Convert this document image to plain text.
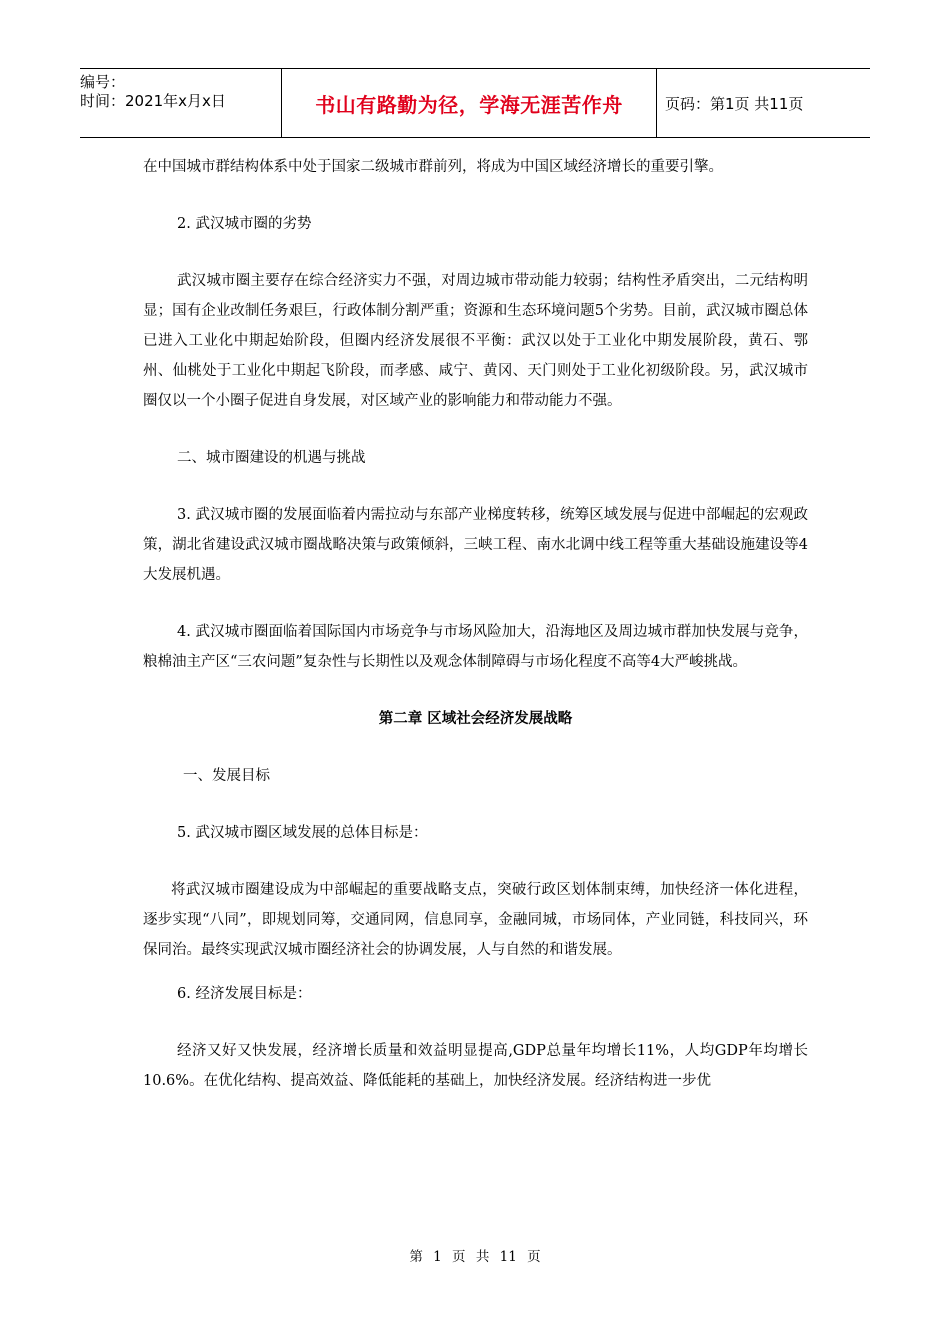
编号：
时间：2021年x月x日	书山有路勤为径，学海无涯苦作舟	页码：第1页 共11页

在中国城市群结构体系中处于国家二级城市群前列，将成为中国区域经济增长的重要引擎。

2. 武汉城市圈的劣势

武汉城市圈主要存在综合经济实力不强，对周边城市带动能力较弱；结构性矛盾突出，二元结构明显；国有企业改制任务艰巨，行政体制分割严重；资源和生态环境问题5个劣势。目前，武汉城市圈总体已进入工业化中期起始阶段，但圈内经济发展很不平衡：武汉以处于工业化中期发展阶段，黄石、鄂州、仙桃处于工业化中期起飞阶段，而孝感、咸宁、黄冈、天门则处于工业化初级阶段。另，武汉城市圈仅以一个小圈子促进自身发展，对区域产业的影响能力和带动能力不强。

二、城市圈建设的机遇与挑战

3. 武汉城市圈的发展面临着内需拉动与东部产业梯度转移，统筹区域发展与促进中部崛起的宏观政策，湖北省建设武汉城市圈战略决策与政策倾斜，三峡工程、南水北调中线工程等重大基础设施建设等4大发展机遇。

4. 武汉城市圈面临着国际国内市场竞争与市场风险加大，沿海地区及周边城市群加快发展与竞争，粮棉油主产区“三农问题”复杂性与长期性以及观念体制障碍与市场化程度不高等4大严峻挑战。

第二章 区域社会经济发展战略

一、发展目标

5. 武汉城市圈区域发展的总体目标是：

将武汉城市圈建设成为中部崛起的重要战略支点，突破行政区划体制束缚，加快经济一体化进程，逐步实现“八同”，即规划同筹，交通同网，信息同享，金融同城，市场同体，产业同链，科技同兴，环保同治。最终实现武汉城市圈经济社会的协调发展，人与自然的和谐发展。

6. 经济发展目标是：

经济又好又快发展，经济增长质量和效益明显提高,GDP总量年均增长11%，人均GDP年均增长10.6%。在优化结构、提高效益、降低能耗的基础上，加快经济发展。经济结构进一步优

第 1 页 共 11 页
